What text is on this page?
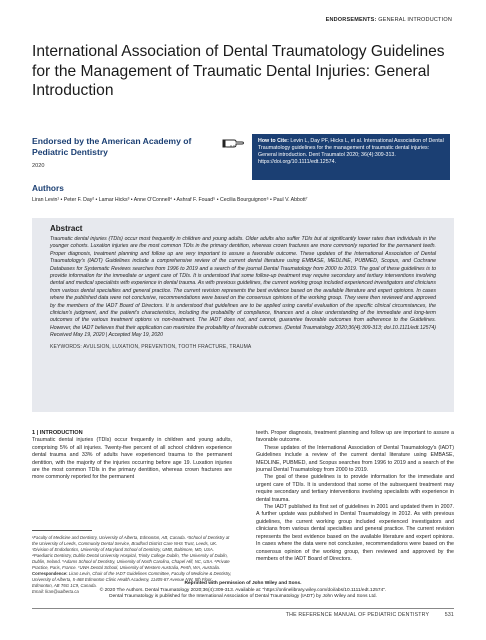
ENDORSEMENTS: GENERAL INTRODUCTION
International Association of Dental Traumatology Guidelines for the Management of Traumatic Dental Injuries: General Introduction
Endorsed by the American Academy of Pediatric Dentistry
2020
How to Cite: Levin L, Day PF, Hicks L, et al. International Association of Dental Traumatology guidelines for the management of traumatic dental injuries: General introduction. Dent Traumatol 2020; 36(4):309-313. https://doi.org/10.1111/edt.12574.
Authors
Liran Levin¹ • Peter F. Day² • Lamar Hicks³ • Anne O'Connell⁴ • Ashraf F. Fouad⁵ • Cecilia Bourguignon⁶ • Paul V. Abbott⁷
Abstract
Traumatic dental injuries (TDIs) occur most frequently in children and young adults. Older adults also suffer TDIs but at significantly lower rates than individuals in the younger cohorts. Luxation injuries are the most common TDIs in the primary dentition, whereas crown fractures are more commonly reported for the permanent teeth. Proper diagnosis, treatment planning and follow up are very important to assure a favorable outcome. These updates of the International Association of Dental Traumatology's (IADT) Guidelines include a comprehensive review of the current dental literature using EMBASE, MEDLINE, PUBMED, Scopus, and Cochrane Databases for Systematic Reviews searches from 1996 to 2019 and a search of the journal Dental Traumatology from 2000 to 2019. The goal of these guidelines is to provide information for the immediate or urgent care of TDIs. It is understood that some follow-up treatment may require secondary and tertiary interventions involving dental and medical specialists with experience in dental trauma. As with previous guidelines, the current working group included experienced investigators and clinicians from various dental specialties and general practice. The current revision represents the best evidence based on the available literature and expert opinions. In cases where the published data were not conclusive, recommendations were based on the consensus opinions of the working group. They were then reviewed and approved by the members of the IADT Board of Directors. It is understood that guidelines are to be applied using careful evaluation of the specific clinical circumstances, the clinician's judgment, and the patient's characteristics, including the probability of compliance, finances and a clear understanding of the immediate and long-term outcomes of the various treatment options vs non-treatment. The IADT does not, and cannot, guarantee favorable outcomes from adherence to the Guidelines. However, the IADT believes that their application can maximize the probability of favorable outcomes. (Dental Traumatology 2020;36(4):309-313; doi.10.1111/edt.12574) Received May 19, 2020 | Accepted May 19, 2020
KEYWORDS: AVULSION, LUXATION, PREVENTION, TOOTH FRACTURE, TRAUMA
1 | INTRODUCTION

Traumatic dental injuries (TDIs) occur frequently in children and young adults, comprising 5% of all injuries. Twenty-five percent of all school children experience dental trauma and 33% of adults have experienced trauma to the permanent dentition, with the majority of the injuries occurring before age 19. Luxation injuries are the most common TDIs in the primary dentition, whereas crown fractures are more commonly reported for the permanent

¹Faculty of Medicine and Dentistry, University of Alberta, Edmonton, AB, Canada. ²School of Dentistry at the University of Leeds, Community Dental Service, Bradford District Care NHS Trust, Leeds, UK. ³Division of Endodontics, University of Maryland School of Dentistry, UMB, Baltimore, MD, USA. ⁴Paediatric Dentistry, Dublin Dental University Hospital, Trinity College Dublin, The University of Dublin, Dublin, Ireland. ⁵Adams School of Dentistry, University of North Carolina, Chapel Hill, NC, USA. ⁶Private Practice, Paris, France. ⁷UWA Dental School, University of Western Australia, Perth, WA, Australia.
Correspondence: Liran Levin, Chair of the IADT Guidelines Committee, Faculty of Medicine & Dentistry, University of Alberta, 5-468 Edmonton Clinic Health Academy, 11405-87 Avenue NW, 5th Floor, Edmonton, AB T6G 1C9, Canada.
Email: liran@ualberta.ca

teeth. Proper diagnosis, treatment planning and follow up are important to assure a favorable outcome.

These updates of the International Association of Dental Traumatology's (IADT) Guidelines include a review of the current dental literature using EMBASE, MEDLINE, PUBMED, and Scopus searches from 1996 to 2019 and a search of the journal Dental Traumatology from 2000 to 2019.

The goal of these guidelines is to provide information for the immediate and urgent care of TDIs. It is understood that some of the subsequent treatment may require secondary and tertiary interventions involving specialists with experience in dental trauma.

The IADT published its first set of guidelines in 2001 and updated them in 2007. A further update was published in Dental Traumatology in 2012. As with previous guidelines, the current working group included experienced investigators and clinicians from various dental specialties and general practice. The current revision represents the best evidence based on the available literature and expert opinions. In cases where the data were not conclusive, recommendations were based on the consensus opinion of the working group, then reviewed and approved by the members of the IADT Board of Directors.

Reprinted with permission of John Wiley and Sons.
© 2020 The Authors. Dental Traumatology 2020;36(4):309-313. Available at: "https://onlinelibrary.wiley.com/doi/abs/10.1111/edt.12574".
Dental Traumatology is published for the International Association of Dental Traumatology (IADT) by John Wiley and Sons Ltd.
THE REFERENCE MANUAL OF PEDIATRIC DENTISTRY	531
